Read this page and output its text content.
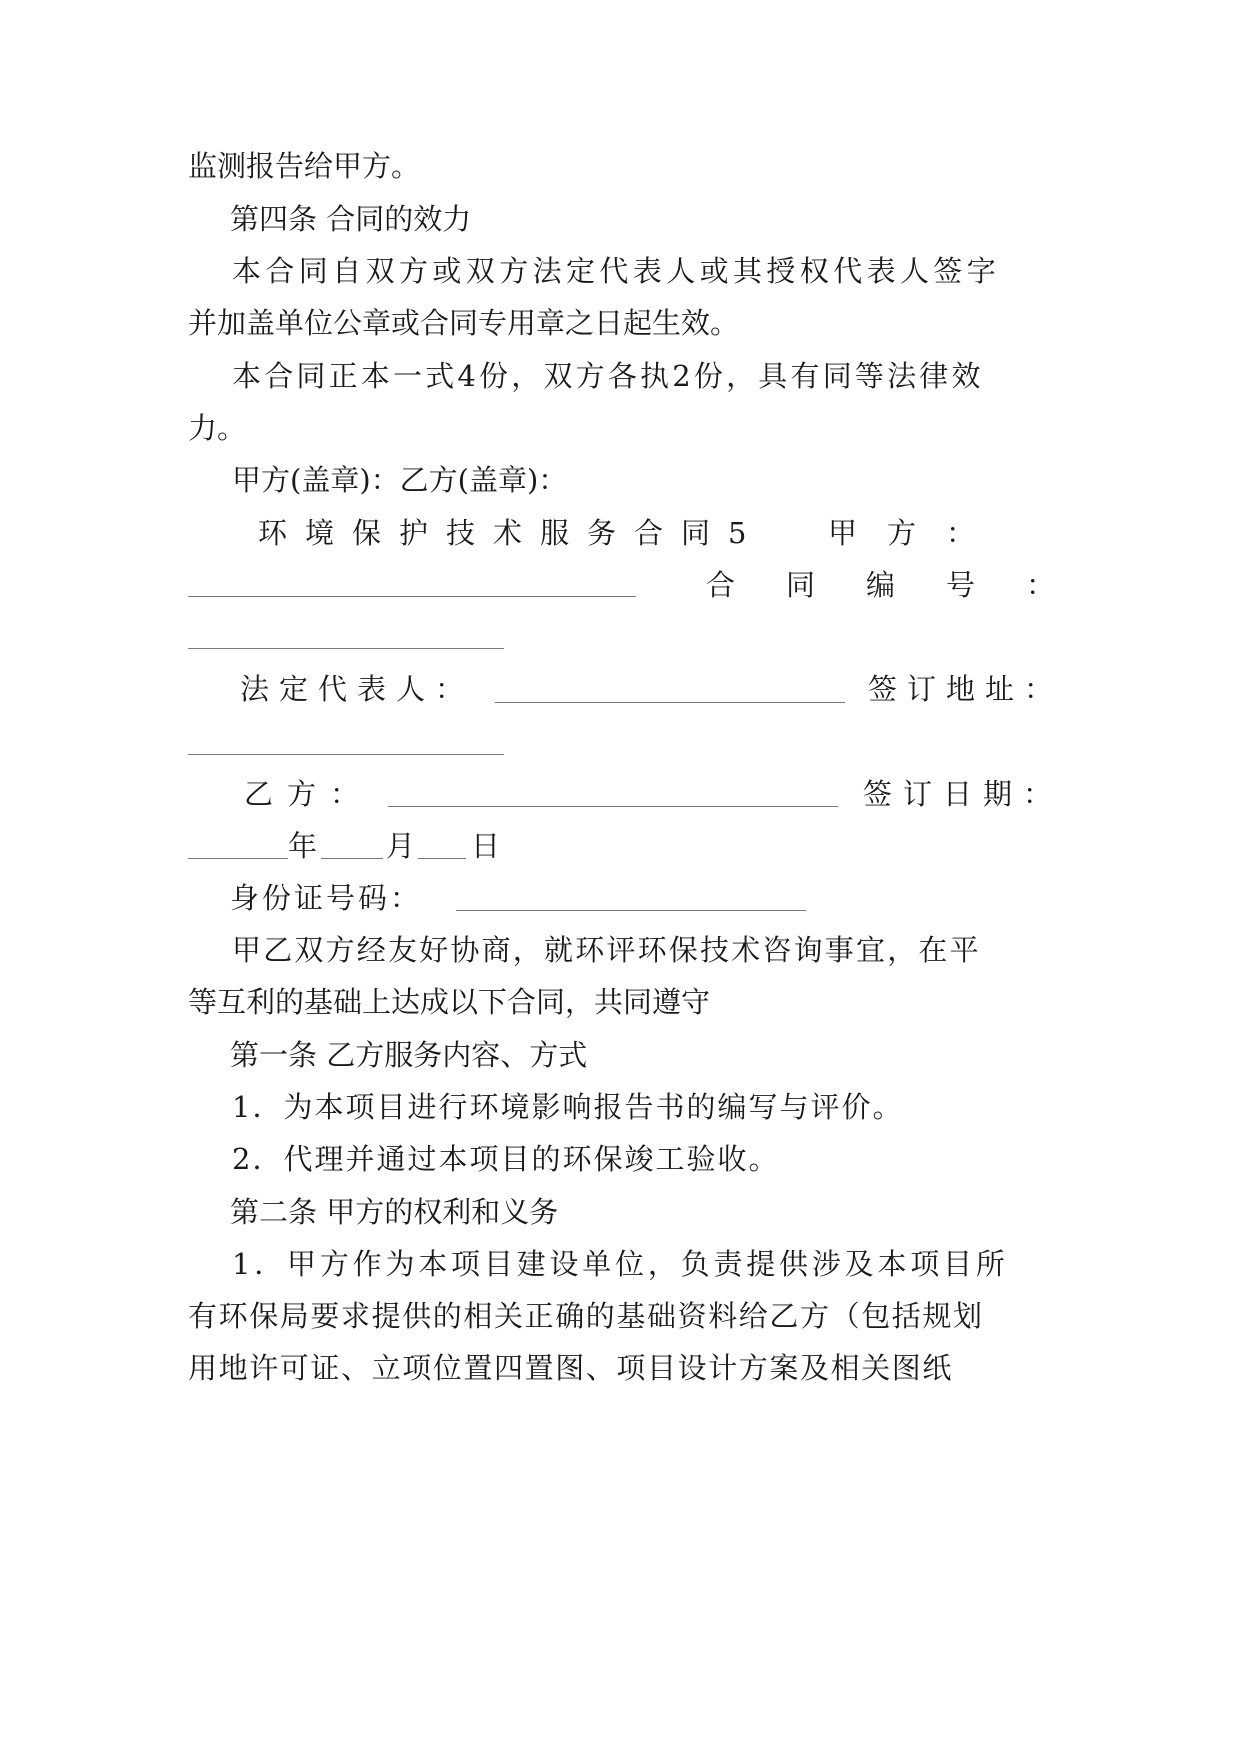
监测报告给甲方。
第四条 合同的效力
本合同自双方或双方法定代表人或其授权代表人签字
并加盖单位公章或合同专用章之日起生效。
本合同正本一式4份，双方各执2份，具有同等法律效
力。
甲方(盖章)：乙方(盖章)：
环境保护技术服务合同5 甲方：
合同编号：
法定代表人：	签订地址：
乙方：	签订日期：
年 月 日
身份证号码：
甲乙双方经友好协商，就环评环保技术咨询事宜，在平
等互利的基础上达成以下合同，共同遵守
第一条 乙方服务内容、方式
1．为本项目进行环境影响报告书的编写与评价。
2．代理并通过本项目的环保竣工验收。
第二条 甲方的权利和义务
1．甲方作为本项目建设单位，负责提供涉及本项目所
有环保局要求提供的相关正确的基础资料给乙方（包括规划
用地许可证、立项位置四置图、项目设计方案及相关图纸
